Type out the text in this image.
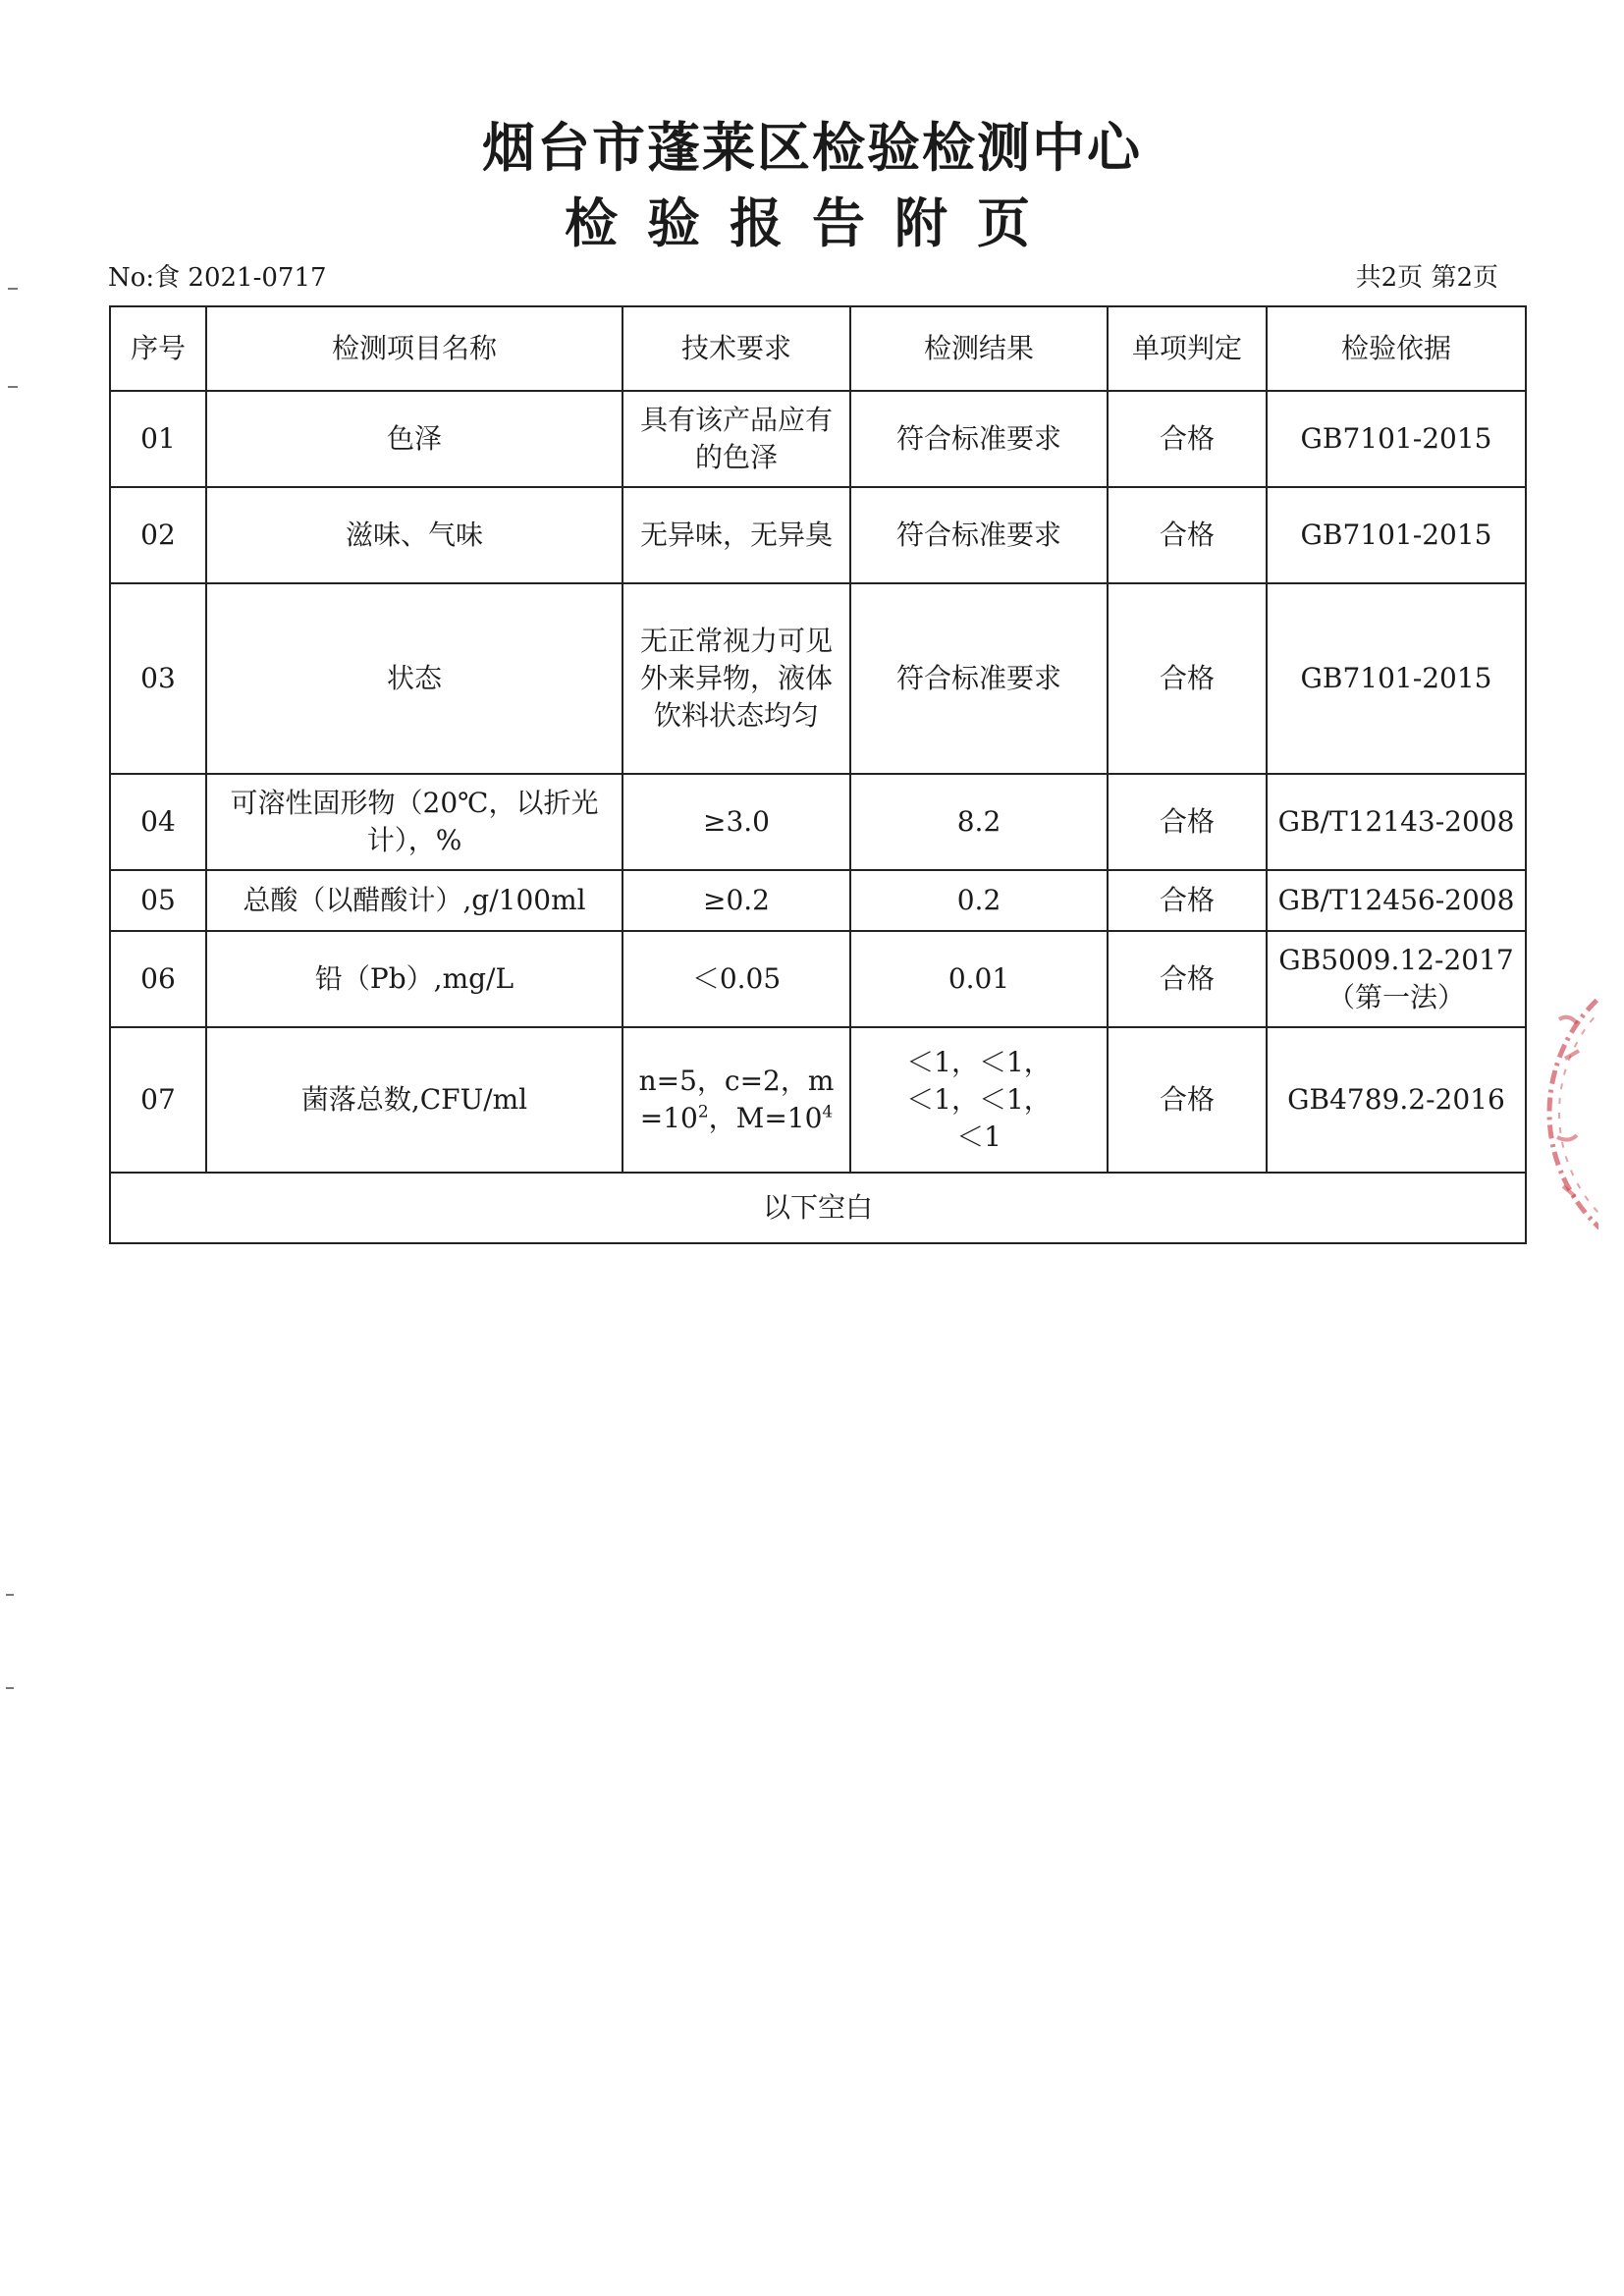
烟台市蓬莱区检验检测中心
检验报告附页
No:食 2021-0717	共2页 第2页
序号	检测项目名称	技术要求	检测结果	单项判定	检验依据
01	色泽	具有该产品应有的色泽	符合标准要求	合格	GB7101-2015
02	滋味、气味	无异味，无异臭	符合标准要求	合格	GB7101-2015
03	状态	无正常视力可见外来异物，液体饮料状态均匀	符合标准要求	合格	GB7101-2015
04	可溶性固形物（20℃，以折光计），%	≥3.0	8.2	合格	GB/T12143-2008
05	总酸（以醋酸计）,g/100ml	≥0.2	0.2	合格	GB/T12456-2008
06	铅（Pb）,mg/L	＜0.05	0.01	合格	GB5009.12-2017
（第一法）

07	菌落总数,CFU/ml	n=5，c=2，m
$=10^2$，$M=10^4$	＜1，＜1，
＜1，＜1，
＜1	合格	GB4789.2-2016
以下空白					
